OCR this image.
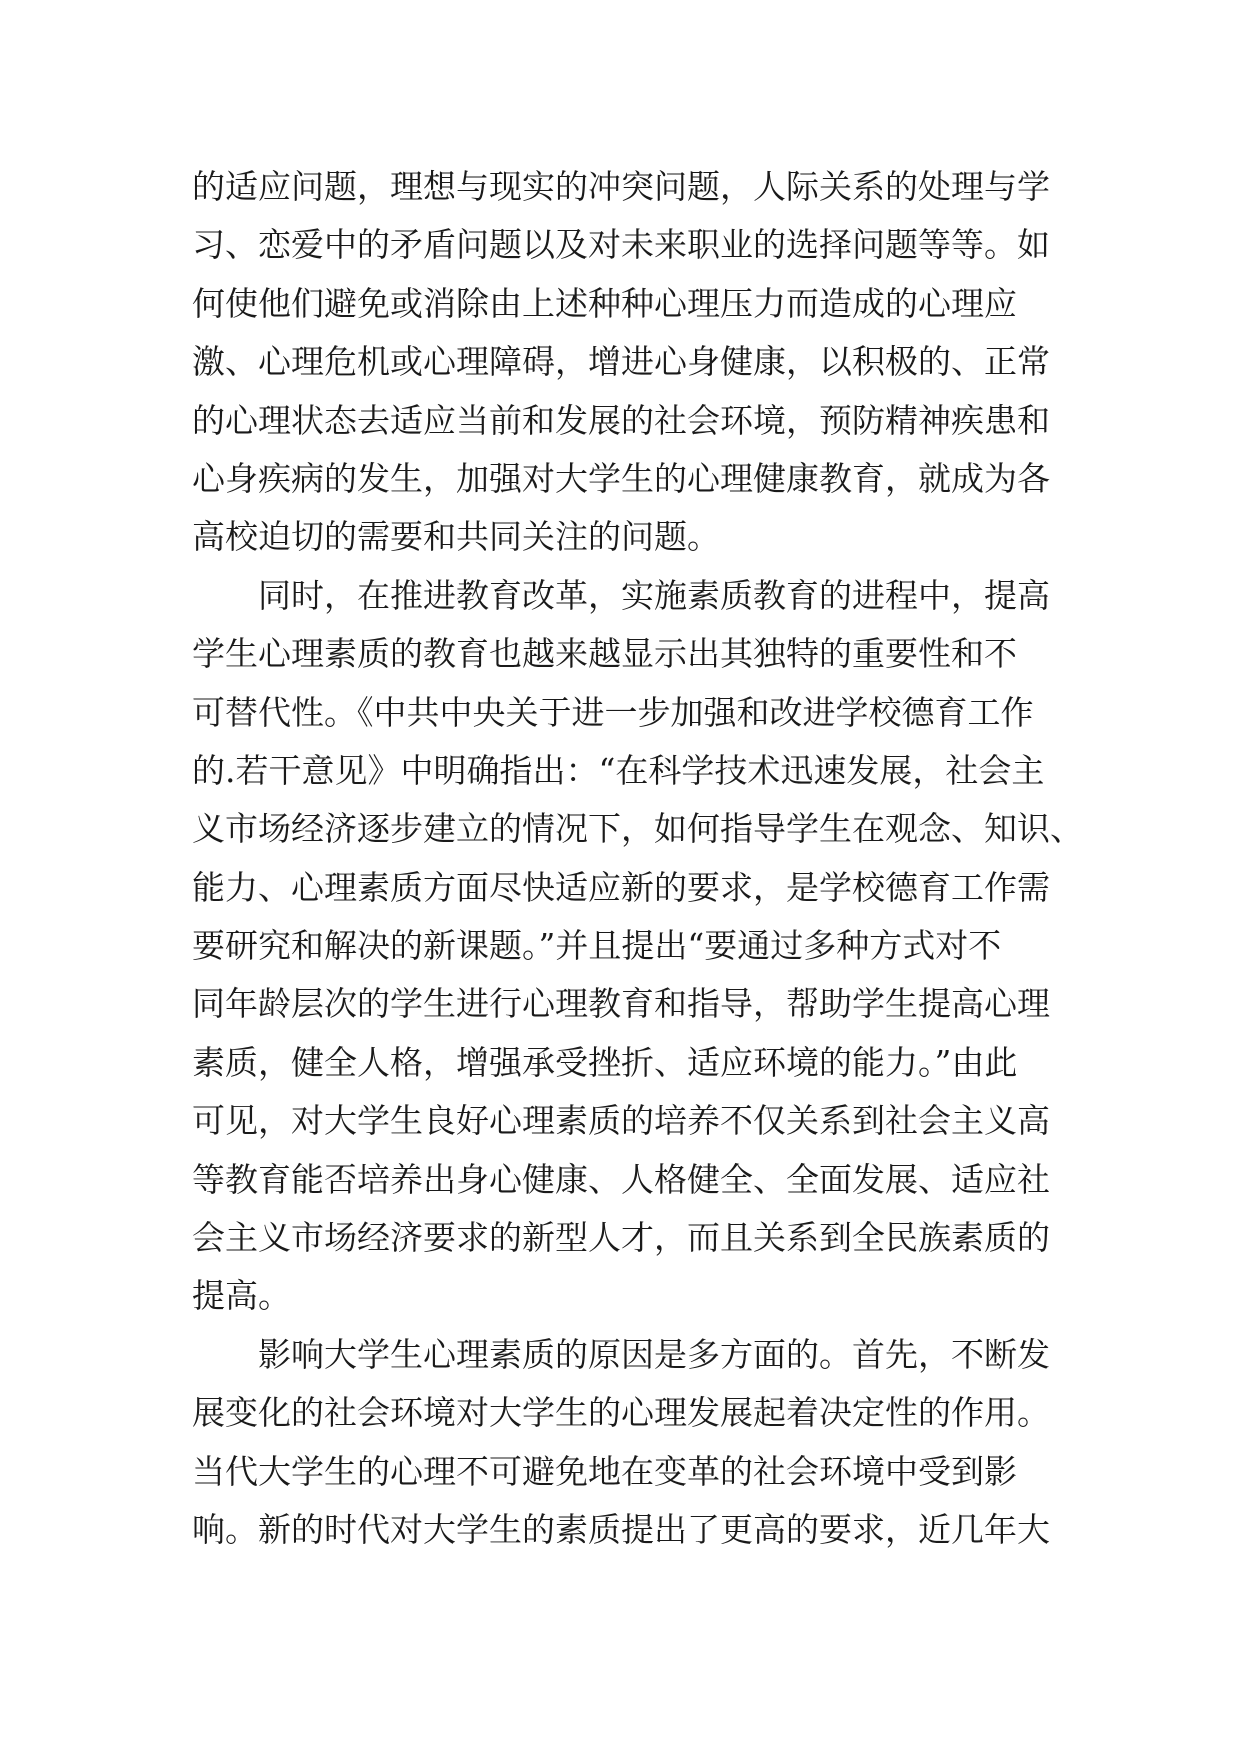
的适应问题，理想与现实的冲突问题，人际关系的处理与学
习、恋爱中的矛盾问题以及对未来职业的选择问题等等。如
何使他们避免或消除由上述种种心理压力而造成的心理应
激、心理危机或心理障碍，增进心身健康，以积极的、正常
的心理状态去适应当前和发展的社会环境，预防精神疾患和
心身疾病的发生，加强对大学生的心理健康教育，就成为各
高校迫切的需要和共同关注的问题。
　　同时，在推进教育改革，实施素质教育的进程中，提高
学生心理素质的教育也越来越显示出其独特的重要性和不
可替代性。《中共中央关于进一步加强和改进学校德育工作
的.若干意见》中明确指出：“在科学技术迅速发展，社会主
义市场经济逐步建立的情况下，如何指导学生在观念、知识、
能力、心理素质方面尽快适应新的要求，是学校德育工作需
要研究和解决的新课题。”并且提出“要通过多种方式对不
同年龄层次的学生进行心理教育和指导，帮助学生提高心理
素质，健全人格，增强承受挫折、适应环境的能力。”由此
可见，对大学生良好心理素质的培养不仅关系到社会主义高
等教育能否培养出身心健康、人格健全、全面发展、适应社
会主义市场经济要求的新型人才，而且关系到全民族素质的
提高。
　　影响大学生心理素质的原因是多方面的。首先，不断发
展变化的社会环境对大学生的心理发展起着决定性的作用。
当代大学生的心理不可避免地在变革的社会环境中受到影
响。新的时代对大学生的素质提出了更高的要求，近几年大
